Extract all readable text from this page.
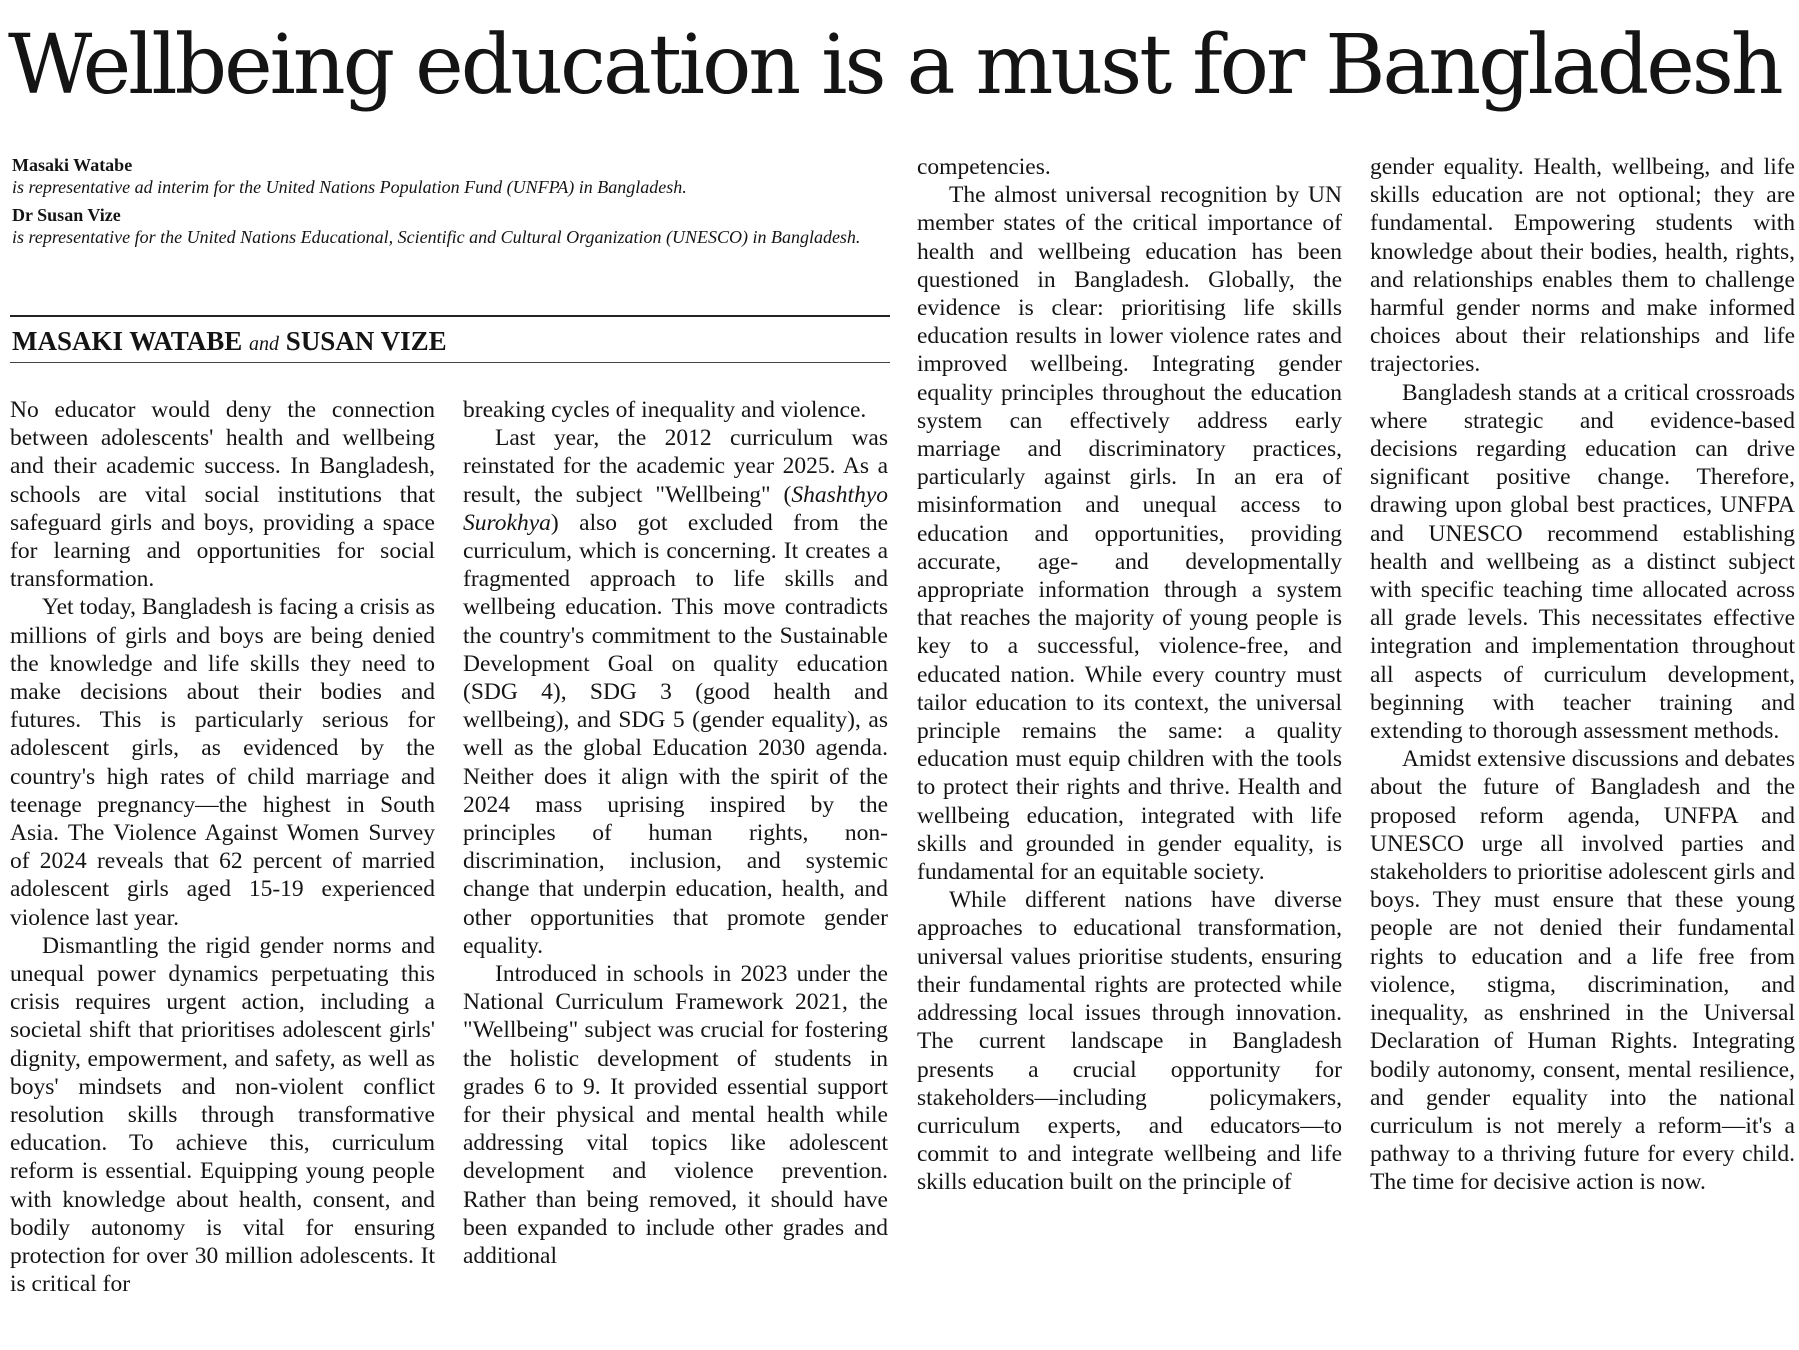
Wellbeing education is a must for Bangladesh
Masaki Watabe
is representative ad interim for the United Nations Population Fund (UNFPA) in Bangladesh.
Dr Susan Vize
is representative for the United Nations Educational, Scientific and Cultural Organization (UNESCO) in Bangladesh.
MASAKI WATABE and SUSAN VIZE

No educator would deny the connection between adolescents' health and wellbeing and their academic success. In Bangladesh, schools are vital social institutions that safeguard girls and boys, providing a space for learning and opportunities for social transformation.

Yet today, Bangladesh is facing a crisis as millions of girls and boys are being denied the knowledge and life skills they need to make decisions about their bodies and futures. This is particularly serious for adolescent girls, as evidenced by the country's high rates of child marriage and teenage pregnancy—the highest in South Asia. The Violence Against Women Survey of 2024 reveals that 62 percent of married adolescent girls aged 15-19 experienced violence last year.

Dismantling the rigid gender norms and unequal power dynamics perpetuating this crisis requires urgent action, including a societal shift that prioritises adolescent girls' dignity, empowerment, and safety, as well as boys' mindsets and non-violent conflict resolution skills through transformative education. To achieve this, curriculum reform is essential. Equipping young people with knowledge about health, consent, and bodily autonomy is vital for ensuring protection for over 30 million adolescents. It is critical for

breaking cycles of inequality and violence.

Last year, the 2012 curriculum was reinstated for the academic year 2025. As a result, the subject "Wellbeing" (Shashthyo Surokhya) also got excluded from the curriculum, which is concerning. It creates a fragmented approach to life skills and wellbeing education. This move contradicts the country's commitment to the Sustainable Development Goal on quality education (SDG 4), SDG 3 (good health and wellbeing), and SDG 5 (gender equality), as well as the global Education 2030 agenda. Neither does it align with the spirit of the 2024 mass uprising inspired by the principles of human rights, non-discrimination, inclusion, and systemic change that underpin education, health, and other opportunities that promote gender equality.

Introduced in schools in 2023 under the National Curriculum Framework 2021, the "Wellbeing" subject was crucial for fostering the holistic development of students in grades 6 to 9. It provided essential support for their physical and mental health while addressing vital topics like adolescent development and violence prevention. Rather than being removed, it should have been expanded to include other grades and additional

competencies.

The almost universal recognition by UN member states of the critical importance of health and wellbeing education has been questioned in Bangladesh. Globally, the evidence is clear: prioritising life skills education results in lower violence rates and improved wellbeing. Integrating gender equality principles throughout the education system can effectively address early marriage and discriminatory practices, particularly against girls. In an era of misinformation and unequal access to education and opportunities, providing accurate, age- and developmentally appropriate information through a system that reaches the majority of young people is key to a successful, violence-free, and educated nation. While every country must tailor education to its context, the universal principle remains the same: a quality education must equip children with the tools to protect their rights and thrive. Health and wellbeing education, integrated with life skills and grounded in gender equality, is fundamental for an equitable society.

While different nations have diverse approaches to educational transformation, universal values prioritise students, ensuring their fundamental rights are protected while addressing local issues through innovation. The current landscape in Bangladesh presents a crucial opportunity for stakeholders—including policymakers, curriculum experts, and educators—to commit to and integrate wellbeing and life skills education built on the principle of

gender equality. Health, wellbeing, and life skills education are not optional; they are fundamental. Empowering students with knowledge about their bodies, health, rights, and relationships enables them to challenge harmful gender norms and make informed choices about their relationships and life trajectories.

Bangladesh stands at a critical crossroads where strategic and evidence-based decisions regarding education can drive significant positive change. Therefore, drawing upon global best practices, UNFPA and UNESCO recommend establishing health and wellbeing as a distinct subject with specific teaching time allocated across all grade levels. This necessitates effective integration and implementation throughout all aspects of curriculum development, beginning with teacher training and extending to thorough assessment methods.

Amidst extensive discussions and debates about the future of Bangladesh and the proposed reform agenda, UNFPA and UNESCO urge all involved parties and stakeholders to prioritise adolescent girls and boys. They must ensure that these young people are not denied their fundamental rights to education and a life free from violence, stigma, discrimination, and inequality, as enshrined in the Universal Declaration of Human Rights. Integrating bodily autonomy, consent, mental resilience, and gender equality into the national curriculum is not merely a reform—it's a pathway to a thriving future for every child. The time for decisive action is now.
